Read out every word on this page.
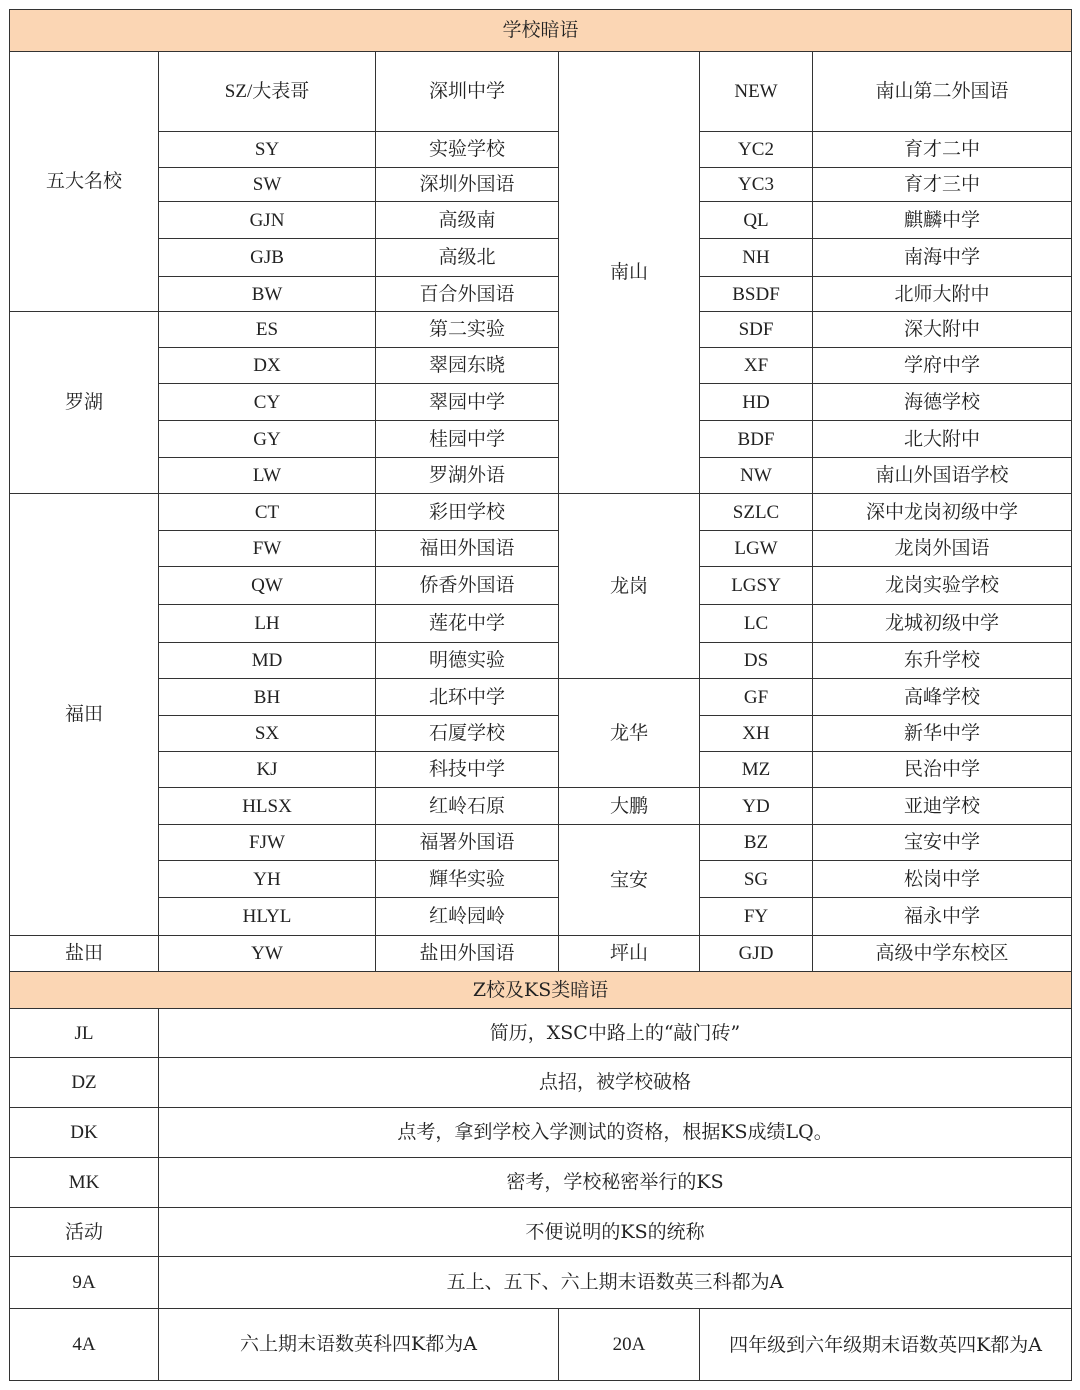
学校暗语					
五大名校	SZ/大表哥	深圳中学	南山	NEW	南山第二外国语
	SY	实验学校		YC2	育才二中
	SW	深圳外国语		YC3	育才三中
	GJN	高级南		QL	麒麟中学
	GJB	高级北		NH	南海中学
	BW	百合外国语		BSDF	北师大附中
罗湖	ES	第二实验		SDF	深大附中
	DX	翠园东晓		XF	学府中学
	CY	翠园中学		HD	海德学校
	GY	桂园中学		BDF	北大附中
	LW	罗湖外语		NW	南山外国语学校
福田	CT	彩田学校	龙岗	SZLC	深中龙岗初级中学
	FW	福田外国语		LGW	龙岗外国语
	QW	侨香外国语		LGSY	龙岗实验学校
	LH	莲花中学		LC	龙城初级中学
	MD	明德实验		DS	东升学校
	BH	北环中学	龙华	GF	高峰学校
	SX	石厦学校		XH	新华中学
	KJ	科技中学		MZ	民治中学
	HLSX	红岭石原	大鹏	YD	亚迪学校
	FJW	福署外国语	宝安	BZ	宝安中学
	YH	輝华实验		SG	松岗中学
	HLYL	红岭园岭		FY	福永中学
盐田	YW	盐田外国语	坪山	GJD	高级中学东校区
Z校及KS类暗语					
JL	简历，XSC中路上的“敲门砖”				
DZ	点招，被学校破格				
DK	点考，拿到学校入学测试的资格，根据KS成绩LQ。				
MK	密考，学校秘密举行的KS				
活动	不便说明的KS的统称				
9A	五上、五下、六上期末语数英三科都为A				
4A	六上期末语数英科四K都为A		20A	四年级到六年级期末语数英四K都为A	
